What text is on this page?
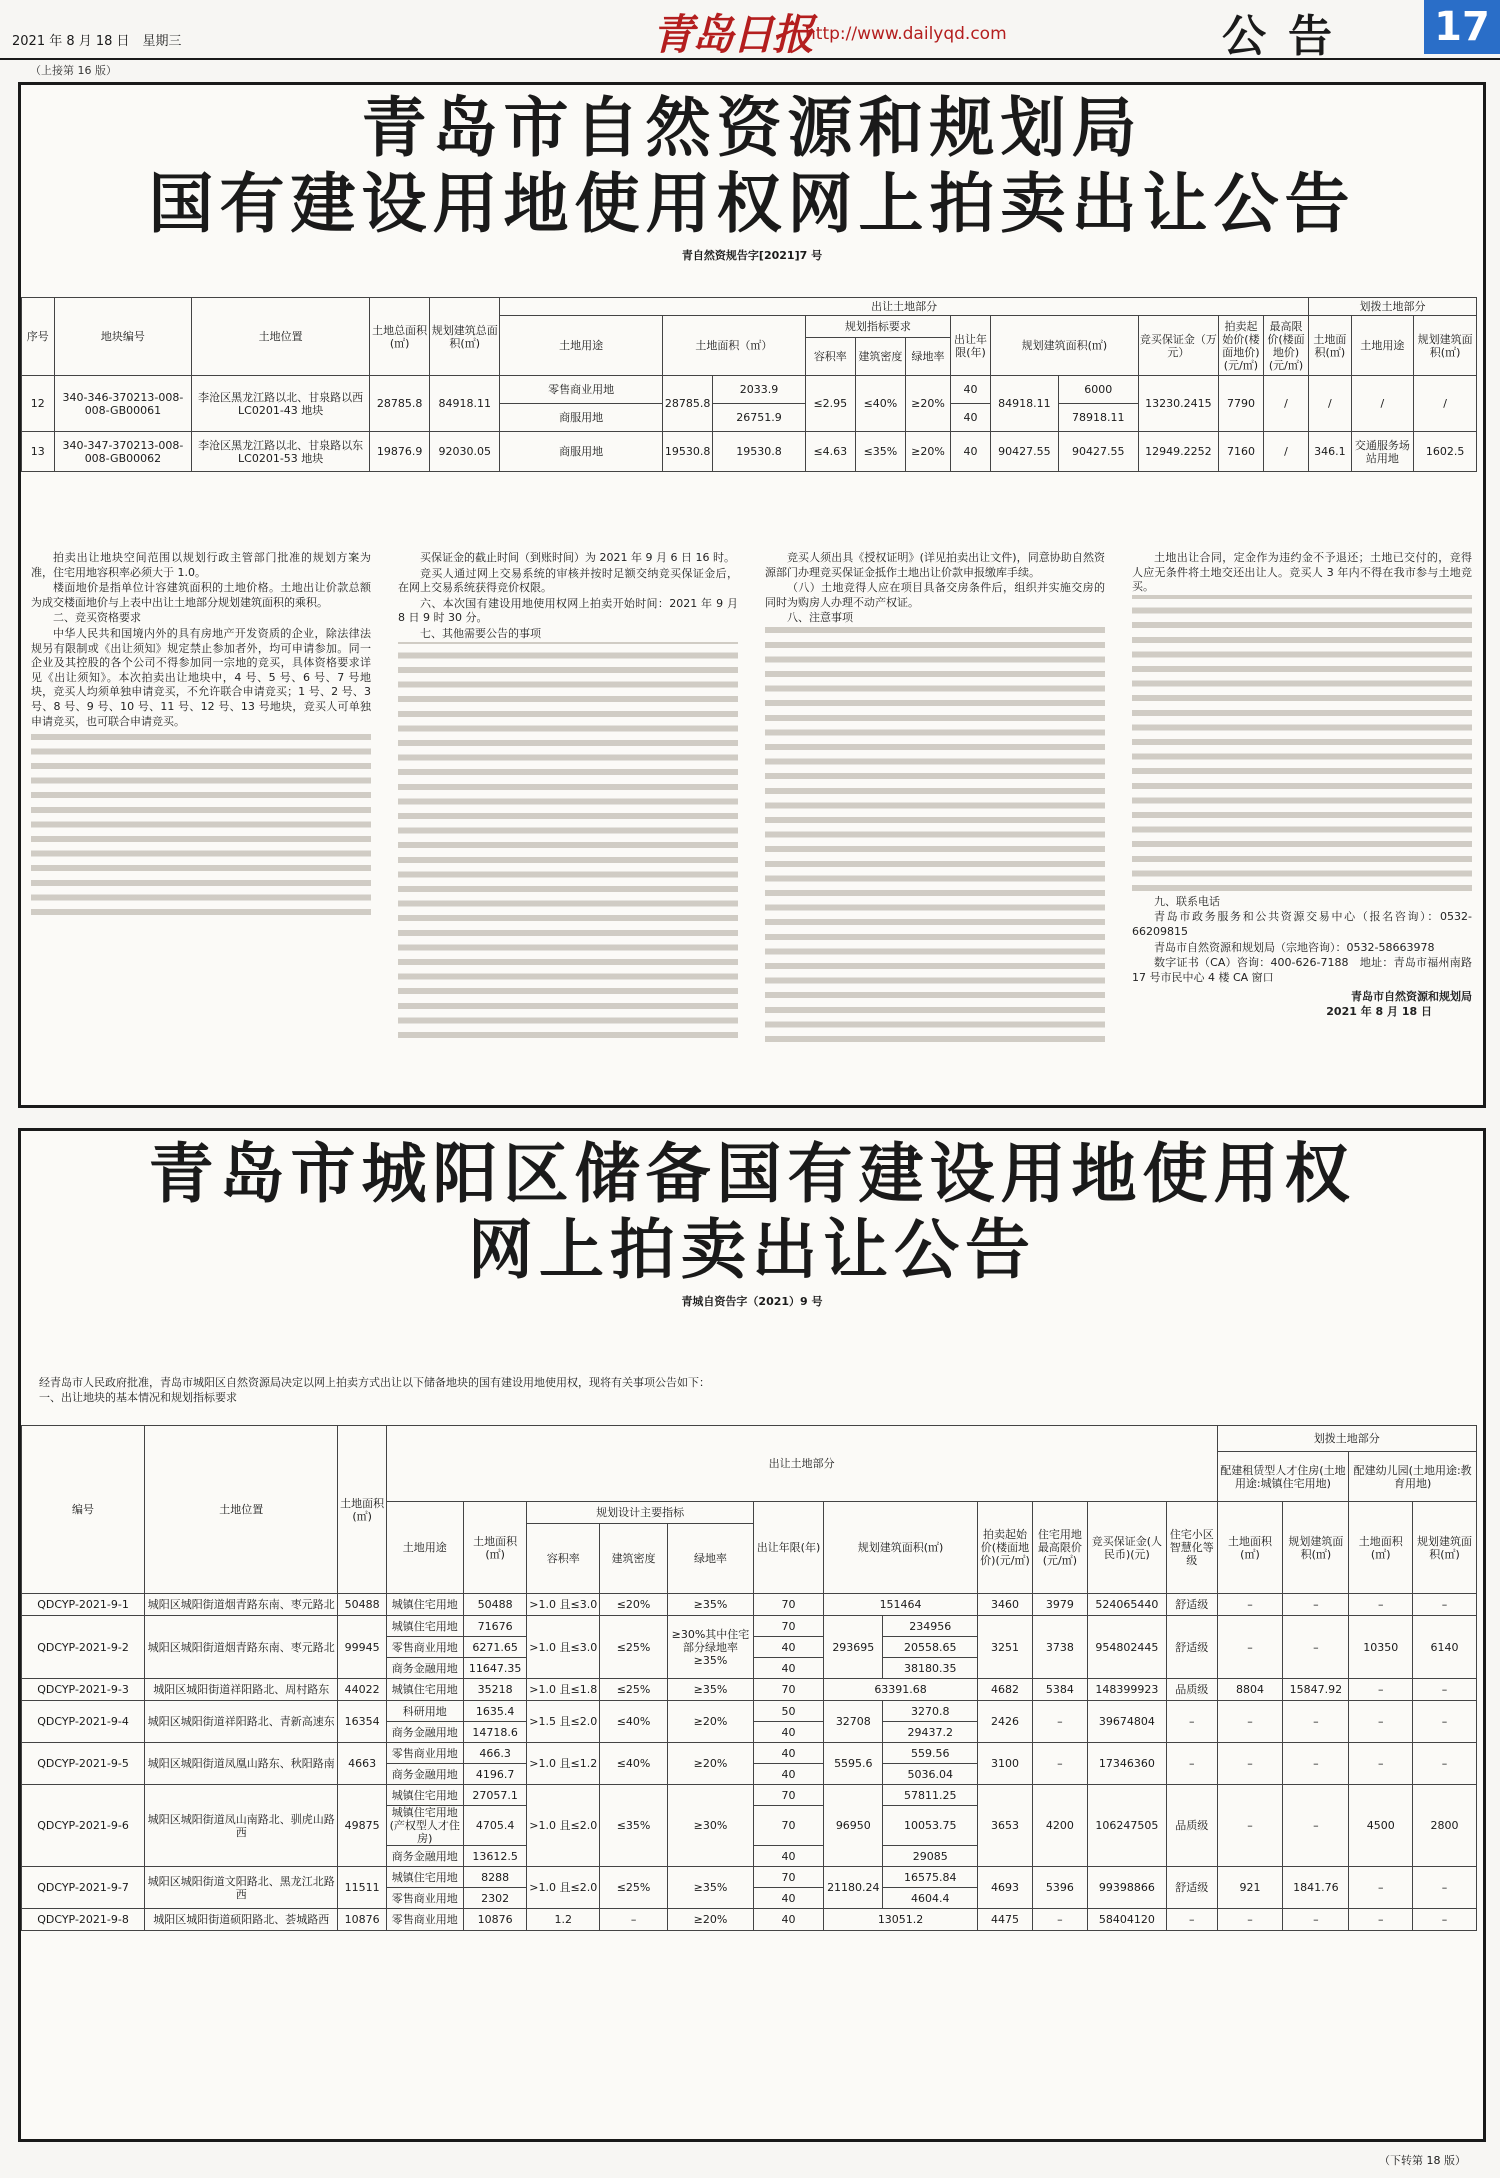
2021 年 8 月 18 日　星期三	青岛日报
http://www.dailyqd.com	公告 17
（上接第 16 版）
青岛市自然资源和规划局
国有建设用地使用权网上拍卖出让公告
青自然资规告字[2021]7 号
序号	地块编号	土地位置	土地总面积(㎡)	规划建筑总面积(㎡)	出让土地部分												划拨土地部分		
					土地用途	土地面积（㎡）		规划指标要求			出让年限(年)	规划建筑面积(㎡)		竞买保证金（万元）	拍卖起始价(楼面地价)(元/㎡)	最高限价(楼面地价)(元/㎡)	土地面积(㎡)	土地用途	规划建筑面积(㎡)
								容积率	建筑密度	绿地率									
12	340-346-370213-008-008-GB00061	李沧区黑龙江路以北、甘泉路以西 LC0201-43 地块	28785.8	84918.11	零售商业用地	28785.8	2033.9	≤2.95	≤40%	≥20%	40	84918.11	6000	13230.2415	7790	/	/	/	/
					商服用地		26751.9				40		78918.11						
13	340-347-370213-008-008-GB00062	李沧区黑龙江路以北、甘泉路以东 LC0201-53 地块	19876.9	92030.05	商服用地	19530.8	19530.8	≤4.63	≤35%	≥20%	40	90427.55	90427.55	12949.2252	7160	/	346.1	交通服务场站用地	1602.5

拍卖出让地块空间范围以规划行政主管部门批准的规划方案为准，住宅用地容积率必须大于 1.0。

楼面地价是指单位计容建筑面积的土地价格。土地出让价款总额为成交楼面地价与上表中出让土地部分规划建筑面积的乘积。

二、竞买资格要求

中华人民共和国境内外的具有房地产开发资质的企业，除法律法规另有限制或《出让须知》规定禁止参加者外，均可申请参加。同一企业及其控股的各个公司不得参加同一宗地的竞买，具体资格要求详见《出让须知》。本次拍卖出让地块中，4 号、5 号、6 号、7 号地块，竞买人均须单独申请竞买，不允许联合申请竞买；1 号、2 号、3 号、8 号、9 号、10 号、11 号、12 号、13 号地块，竞买人可单独申请竞买，也可联合申请竞买。

买保证金的截止时间（到账时间）为 2021 年 9 月 6 日 16 时。

竞买人通过网上交易系统的审核并按时足额交纳竞买保证金后，在网上交易系统获得竞价权限。

六、本次国有建设用地使用权网上拍卖开始时间：2021 年 9 月 8 日 9 时 30 分。

七、其他需要公告的事项

竞买人须出具《授权证明》(详见拍卖出让文件)，同意协助自然资源部门办理竞买保证金抵作土地出让价款申报缴库手续。

（八）土地竞得人应在项目具备交房条件后，组织并实施交房的同时为购房人办理不动产权证。

八、注意事项

土地出让合同，定金作为违约金不予退还；土地已交付的，竞得人应无条件将土地交还出让人。竞买人 3 年内不得在我市参与土地竞买。

九、联系电话

青岛市政务服务和公共资源交易中心（报名咨询）：0532-66209815

青岛市自然资源和规划局（宗地咨询）：0532-58663978

数字证书（CA）咨询：400-626-7188　地址：青岛市福州南路 17 号市民中心 4 楼 CA 窗口

青岛市自然资源和规划局
2021 年 8 月 18 日
青岛市城阳区储备国有建设用地使用权
网上拍卖出让公告
青城自资告字（2021）9 号
经青岛市人民政府批准，青岛市城阳区自然资源局决定以网上拍卖方式出让以下储备地块的国有建设用地使用权，现将有关事项公告如下：
一、出让地块的基本情况和规划指标要求
编号	土地位置	土地面积(㎡)	出让土地部分												划拨土地部分			
															配建租赁型人才住房(土地用途:城镇住宅用地)		配建幼儿园(土地用途:教育用地)	
			土地用途	土地面积(㎡)	规划设计主要指标			出让年限(年)	规划建筑面积(㎡)		拍卖起始价(楼面地价)(元/㎡)	住宅用地最高限价(元/㎡)	竞买保证金(人民币)(元)	住宅小区智慧化等级	土地面积(㎡)	规划建筑面积(㎡)	土地面积(㎡)	规划建筑面积(㎡)
					容积率	建筑密度	绿地率											
QDCYP-2021-9-1	城阳区城阳街道烟青路东南、枣元路北	50488	城镇住宅用地	50488	>1.0 且≤3.0	≤20%	≥35%	70	151464		3460	3979	524065440	舒适级	–	–	–	–
QDCYP-2021-9-2	城阳区城阳街道烟青路东南、枣元路北	99945	城镇住宅用地	71676	>1.0 且≤3.0	≤25%	≥30%其中住宅部分绿地率≥35%	70	293695	234956	3251	3738	954802445	舒适级	–	–	10350	6140
			零售商业用地	6271.65				40		20558.65								
			商务金融用地	11647.35				40		38180.35								
QDCYP-2021-9-3	城阳区城阳街道祥阳路北、周村路东	44022	城镇住宅用地	35218	>1.0 且≤1.8	≤25%	≥35%	70	63391.68		4682	5384	148399923	品质级	8804	15847.92	–	–
QDCYP-2021-9-4	城阳区城阳街道祥阳路北、青新高速东	16354	科研用地	1635.4	>1.5 且≤2.0	≤40%	≥20%	50	32708	3270.8	2426	–	39674804	–	–	–	–	–
			商务金融用地	14718.6				40		29437.2								
QDCYP-2021-9-5	城阳区城阳街道凤凰山路东、秋阳路南	4663	零售商业用地	466.3	>1.0 且≤1.2	≤40%	≥20%	40	5595.6	559.56	3100	–	17346360	–	–	–	–	–
			商务金融用地	4196.7				40		5036.04								
QDCYP-2021-9-6	城阳区城阳街道凤山南路北、驯虎山路西	49875	城镇住宅用地	27057.1	>1.0 且≤2.0	≤35%	≥30%	70	96950	57811.25	3653	4200	106247505	品质级	–	–	4500	2800
			城镇住宅用地(产权型人才住房)	4705.4				70		10053.75								
			商务金融用地	13612.5				40		29085								
QDCYP-2021-9-7	城阳区城阳街道文阳路北、黑龙江北路西	11511	城镇住宅用地	8288	>1.0 且≤2.0	≤25%	≥35%	70	21180.24	16575.84	4693	5396	99398866	舒适级	921	1841.76	–	–
			零售商业用地	2302				40		4604.4								
QDCYP-2021-9-8	城阳区城阳街道硕阳路北、荟城路西	10876	零售商业用地	10876	1.2	–	≥20%	40	13051.2		4475	–	58404120	–	–	–	–	–
（下转第 18 版）
